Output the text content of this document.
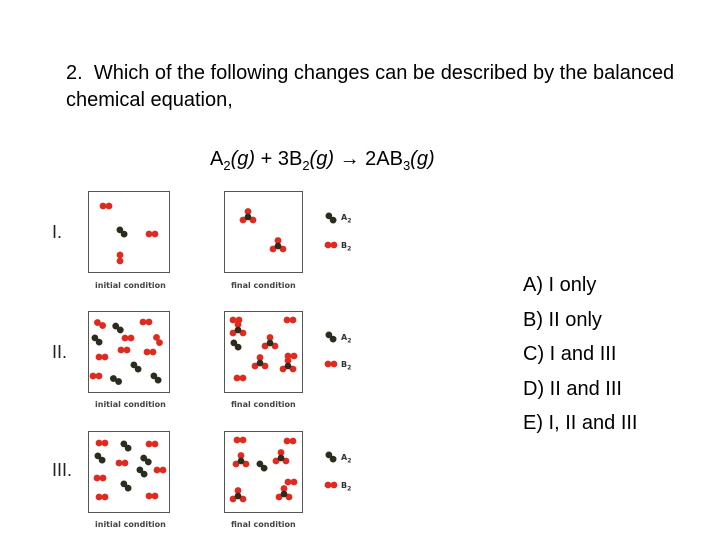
2. Which of the following changes can be described by the balanced chemical equation,
$A_2(g) + 3B_2(g) \to 2AB_3(g)$
I.
initial condition	final condition
II.
initial condition	final condition
III.
initial condition	final condition
$A_2$
$B_2$
$A_2$
$B_2$
$A_2$
$B_2$
A) I only
B) II only
C) I and III
D) II and III
E) I, II and III
